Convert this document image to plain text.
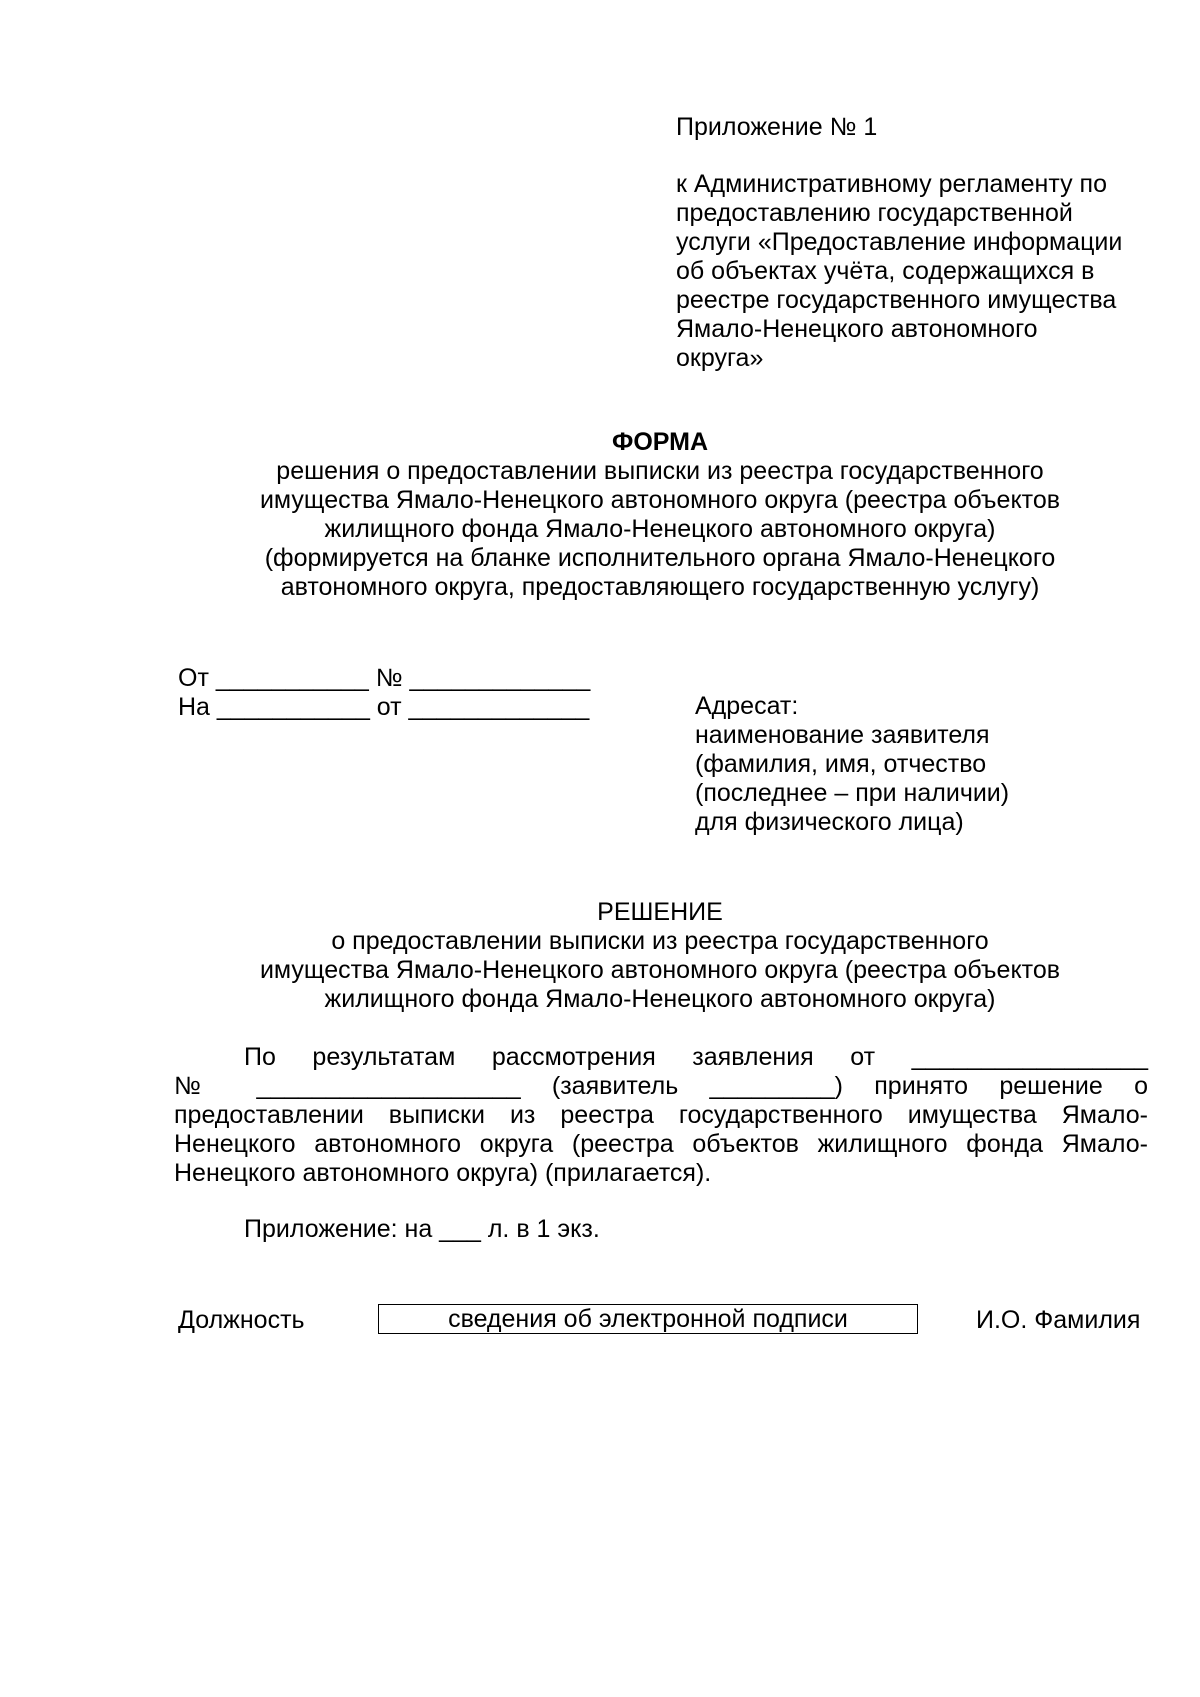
Приложение № 1
к Административному регламенту по
предоставлению государственной
услуги «Предоставление информации
об объектах учёта, содержащихся в
реестре государственного имущества
Ямало-Ненецкого автономного
округа»
ФОРМА
решения о предоставлении выписки из реестра государственного
имущества Ямало-Ненецкого автономного округа (реестра объектов
жилищного фонда Ямало-Ненецкого автономного округа)
(формируется на бланке исполнительного органа Ямало-Ненецкого
автономного округа, предоставляющего государственную услугу)
От ___________ № _____________
На ___________ от _____________	Адресат:
наименование заявителя
(фамилия, имя, отчество
(последнее – при наличии)
для физического лица)
РЕШЕНИЕ
о предоставлении выписки из реестра государственного
имущества Ямало-Ненецкого автономного округа (реестра объектов
жилищного фонда Ямало-Ненецкого автономного округа)
По результатам рассмотрения заявления от _________________
№ ___________________ (заявитель _________) принято решение о
предоставлении выписки из реестра государственного имущества Ямало-
Ненецкого автономного округа (реестра объектов жилищного фонда Ямало-
Ненецкого автономного округа) (прилагается).
Приложение: на ___ л. в 1 экз.
Должность	сведения об электронной подписи	И.О. Фамилия
